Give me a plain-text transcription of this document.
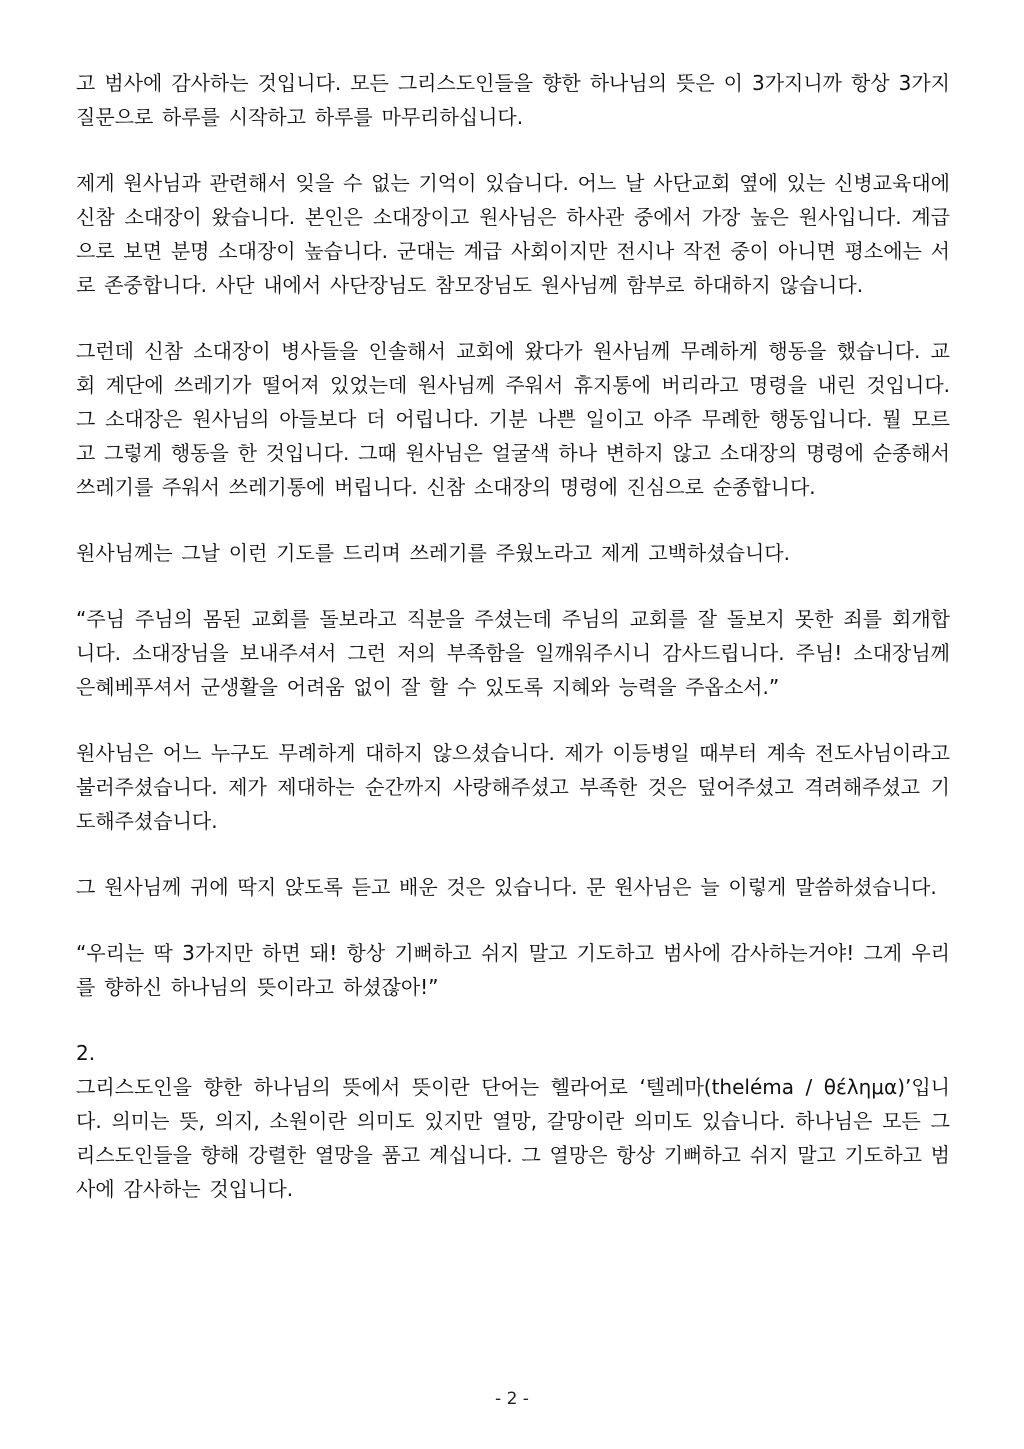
고 범사에 감사하는 것입니다. 모든 그리스도인들을 향한 하나님의 뜻은 이 3가지니까 항상 3가지 질문으로 하루를 시작하고 하루를 마무리하십니다.

제게 원사님과 관련해서 잊을 수 없는 기억이 있습니다. 어느 날 사단교회 옆에 있는 신병교육대에 신참 소대장이 왔습니다. 본인은 소대장이고 원사님은 하사관 중에서 가장 높은 원사입니다. 계급으로 보면 분명 소대장이 높습니다. 군대는 계급 사회이지만 전시나 작전 중이 아니면 평소에는 서로 존중합니다. 사단 내에서 사단장님도 참모장님도 원사님께 함부로 하대하지 않습니다.

그런데 신참 소대장이 병사들을 인솔해서 교회에 왔다가 원사님께 무례하게 행동을 했습니다. 교회 계단에 쓰레기가 떨어져 있었는데 원사님께 주워서 휴지통에 버리라고 명령을 내린 것입니다. 그 소대장은 원사님의 아들보다 더 어립니다. 기분 나쁜 일이고 아주 무례한 행동입니다. 뭘 모르고 그렇게 행동을 한 것입니다. 그때 원사님은 얼굴색 하나 변하지 않고 소대장의 명령에 순종해서 쓰레기를 주워서 쓰레기통에 버립니다. 신참 소대장의 명령에 진심으로 순종합니다.

원사님께는 그날 이런 기도를 드리며 쓰레기를 주웠노라고 제게 고백하셨습니다.

“주님 주님의 몸된 교회를 돌보라고 직분을 주셨는데 주님의 교회를 잘 돌보지 못한 죄를 회개합니다. 소대장님을 보내주셔서 그런 저의 부족함을 일깨워주시니 감사드립니다. 주님! 소대장님께 은혜베푸셔서 군생활을 어려움 없이 잘 할 수 있도록 지혜와 능력을 주옵소서.”

원사님은 어느 누구도 무례하게 대하지 않으셨습니다. 제가 이등병일 때부터 계속 전도사님이라고 불러주셨습니다. 제가 제대하는 순간까지 사랑해주셨고 부족한 것은 덮어주셨고 격려해주셨고 기도해주셨습니다.

그 원사님께 귀에 딱지 앉도록 듣고 배운 것은 있습니다. 문 원사님은 늘 이렇게 말씀하셨습니다.

“우리는 딱 3가지만 하면 돼! 항상 기뻐하고 쉬지 말고 기도하고 범사에 감사하는거야! 그게 우리를 향하신 하나님의 뜻이라고 하셨잖아!”

2.

그리스도인을 향한 하나님의 뜻에서 뜻이란 단어는 헬라어로 ‘텔레마(theléma / θέλημα)’입니다. 의미는 뜻, 의지, 소원이란 의미도 있지만 열망, 갈망이란 의미도 있습니다. 하나님은 모든 그리스도인들을 향해 강렬한 열망을 품고 계십니다. 그 열망은 항상 기뻐하고 쉬지 말고 기도하고 범사에 감사하는 것입니다.

- 2 -
